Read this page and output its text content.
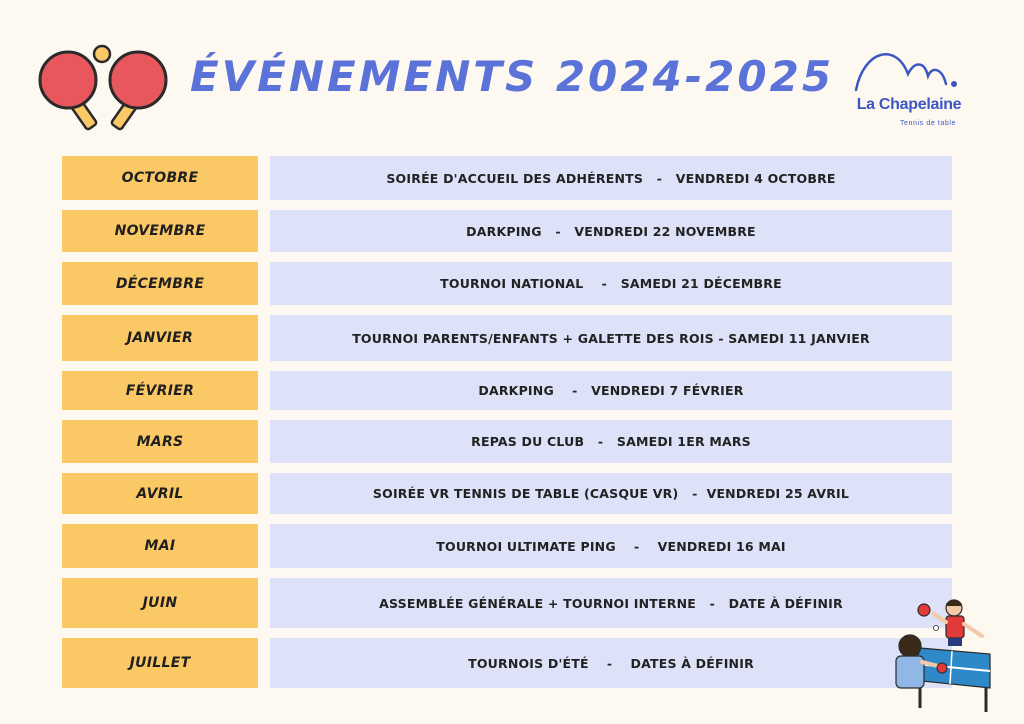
ÉVÉNEMENTS 2024-2025
La Chapelaine
Tennis de table
OCTOBRE	SOIRÉE D'ACCUEIL DES ADHÉRENTS   -   VENDREDI 4 OCTOBRE
NOVEMBRE	DARKPING   -   VENDREDI 22 NOVEMBRE
DÉCEMBRE	TOURNOI NATIONAL    -   SAMEDI 21 DÉCEMBRE
JANVIER	TOURNOI PARENTS/ENFANTS + GALETTE DES ROIS - SAMEDI 11 JANVIER
FÉVRIER	DARKPING    -   VENDREDI 7 FÉVRIER
MARS	REPAS DU CLUB   -   SAMEDI 1ER MARS
AVRIL	SOIRÉE VR TENNIS DE TABLE (CASQUE VR)   -  VENDREDI 25 AVRIL
MAI	TOURNOI ULTIMATE PING    -    VENDREDI 16 MAI
JUIN	ASSEMBLÉE GÉNÉRALE + TOURNOI INTERNE   -   DATE À DÉFINIR
JUILLET	TOURNOIS D'ÉTÉ    -    DATES À DÉFINIR
